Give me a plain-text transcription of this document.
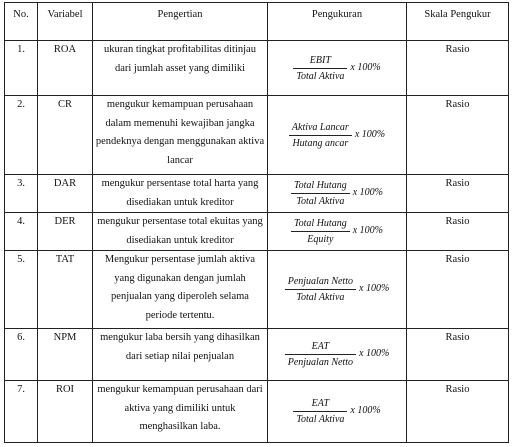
No.	Variabel	Pengertian	Pengukuran	Skala Pengukur
1.	ROA	ukuran tingkat profitabilitas ditinjau dari jumlah asset yang dimiliki	$\frac{\text{EBIT}}{\text{Total Aktiva}}$ x 100%	Rasio
2.	CR	mengukur kemampuan perusahaan dalam memenuhi kewajiban jangka pendeknya dengan menggunakan aktiva lancar	$\frac{\text{Aktiva Lancar}}{\text{Hutang ancar}}$ x 100%	Rasio
3.	DAR	mengukur persentase total harta yang disediakan untuk kreditor	$\frac{\text{Total Hutang}}{\text{Total Aktiva}}$ x 100%	Rasio
4.	DER	mengukur persentase total ekuitas yang disediakan untuk kreditor	$\frac{\text{Total Hutang}}{\text{Equity}}$ x 100%	Rasio
5.	TAT	Mengukur persentase jumlah aktiva yang digunakan dengan jumlah penjualan yang diperoleh selama periode tertentu.	$\frac{\text{Penjualan Netto}}{\text{Total Aktiva}}$ x 100%	Rasio
6.	NPM	mengukur laba bersih yang dihasilkan dari setiap nilai penjualan	$\frac{\text{EAT}}{\text{Penjualan Netto}}$ x 100%	Rasio
7.	ROI	mengukur kemampuan perusahaan dari aktiva yang dimiliki untuk menghasilkan laba.	$\frac{\text{EAT}}{\text{Total Aktiva}}$ x 100%	Rasio
